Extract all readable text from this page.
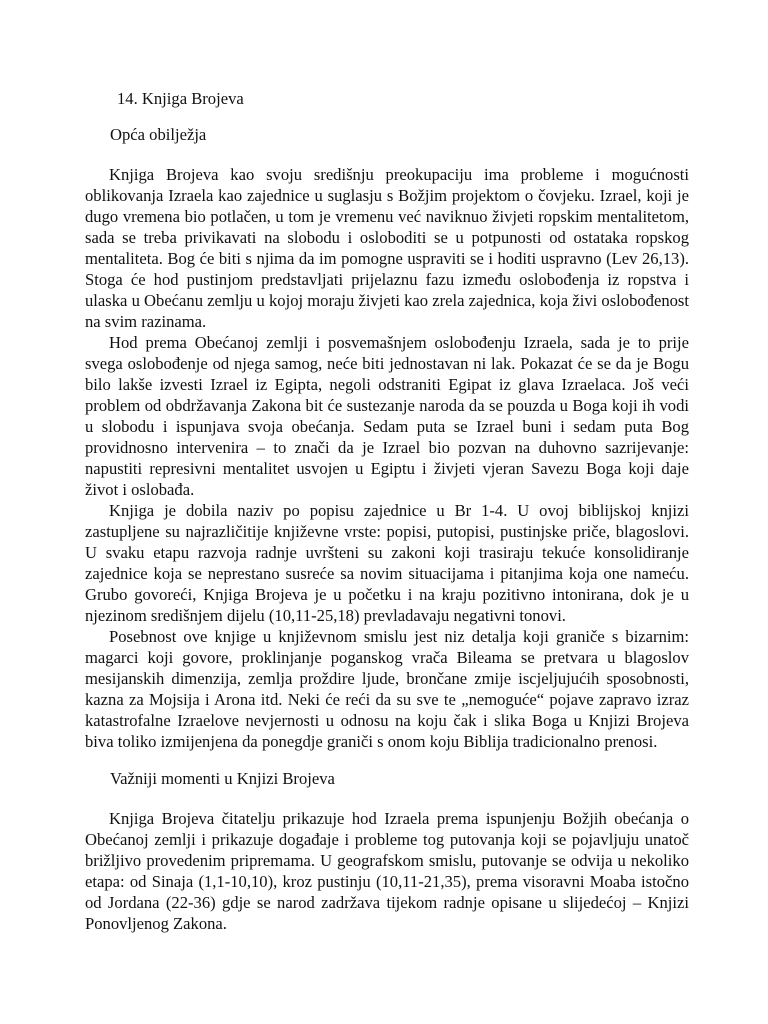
14. Knjiga Brojeva
Opća obilježja

Knjiga Brojeva kao svoju središnju preokupaciju ima probleme i mogućnosti oblikovanja Izraela kao zajednice u suglasju s Božjim projektom o čovjeku. Izrael, koji je dugo vremena bio potlačen, u tom je vremenu već naviknuo živjeti ropskim mentalitetom, sada se treba privikavati na slobodu i osloboditi se u potpunosti od ostataka ropskog mentaliteta. Bog će biti s njima da im pomogne uspraviti se i hoditi uspravno (Lev 26,13). Stoga će hod pustinjom predstavljati prijelaznu fazu između oslobođenja iz ropstva i ulaska u Obećanu zemlju u kojoj moraju živjeti kao zrela zajednica, koja živi oslobođenost na svim razinama.

Hod prema Obećanoj zemlji i posvemašnjem oslobođenju Izraela, sada je to prije svega oslobođenje od njega samog, neće biti jednostavan ni lak. Pokazat će se da je Bogu bilo lakše izvesti Izrael iz Egipta, negoli odstraniti Egipat iz glava Izraelaca. Još veći problem od obdržavanja Zakona bit će sustezanje naroda da se pouzda u Boga koji ih vodi u slobodu i ispunjava svoja obećanja. Sedam puta se Izrael buni i sedam puta Bog providnosno intervenira – to znači da je Izrael bio pozvan na duhovno sazrijevanje: napustiti represivni mentalitet usvojen u Egiptu i živjeti vjeran Savezu Boga koji daje život i oslobađa.

Knjiga je dobila naziv po popisu zajednice u Br 1-4. U ovoj biblijskoj knjizi zastupljene su najrazličitije književne vrste: popisi, putopisi, pustinjske priče, blagoslovi. U svaku etapu razvoja radnje uvršteni su zakoni koji trasiraju tekuće konsolidiranje zajednice koja se neprestano susreće sa novim situacijama i pitanjima koja one nameću. Grubo govoreći, Knjiga Brojeva je u početku i na kraju pozitivno intonirana, dok je u njezinom središnjem dijelu (10,11-25,18) prevladavaju negativni tonovi.

Posebnost ove knjige u književnom smislu jest niz detalja koji graniče s bizarnim: magarci koji govore, proklinjanje poganskog vrača Bileama se pretvara u blagoslov mesijanskih dimenzija, zemlja proždire ljude, brončane zmije iscjeljujućih sposobnosti, kazna za Mojsija i Arona itd. Neki će reći da su sve te „nemoguće“ pojave zapravo izraz katastrofalne Izraelove nevjernosti u odnosu na koju čak i slika Boga u Knjizi Brojeva biva toliko izmijenjena da ponegdje graniči s onom koju Biblija tradicionalno prenosi.

Važniji momenti u Knjizi Brojeva

Knjiga Brojeva čitatelju prikazuje hod Izraela prema ispunjenju Božjih obećanja o Obećanoj zemlji i prikazuje događaje i probleme tog putovanja koji se pojavljuju unatoč brižljivo provedenim pripremama. U geografskom smislu, putovanje se odvija u nekoliko etapa: od Sinaja (1,1-10,10), kroz pustinju (10,11-21,35), prema visoravni Moaba istočno od Jordana (22-36) gdje se narod zadržava tijekom radnje opisane u slijedećoj – Knjizi Ponovljenog Zakona.
